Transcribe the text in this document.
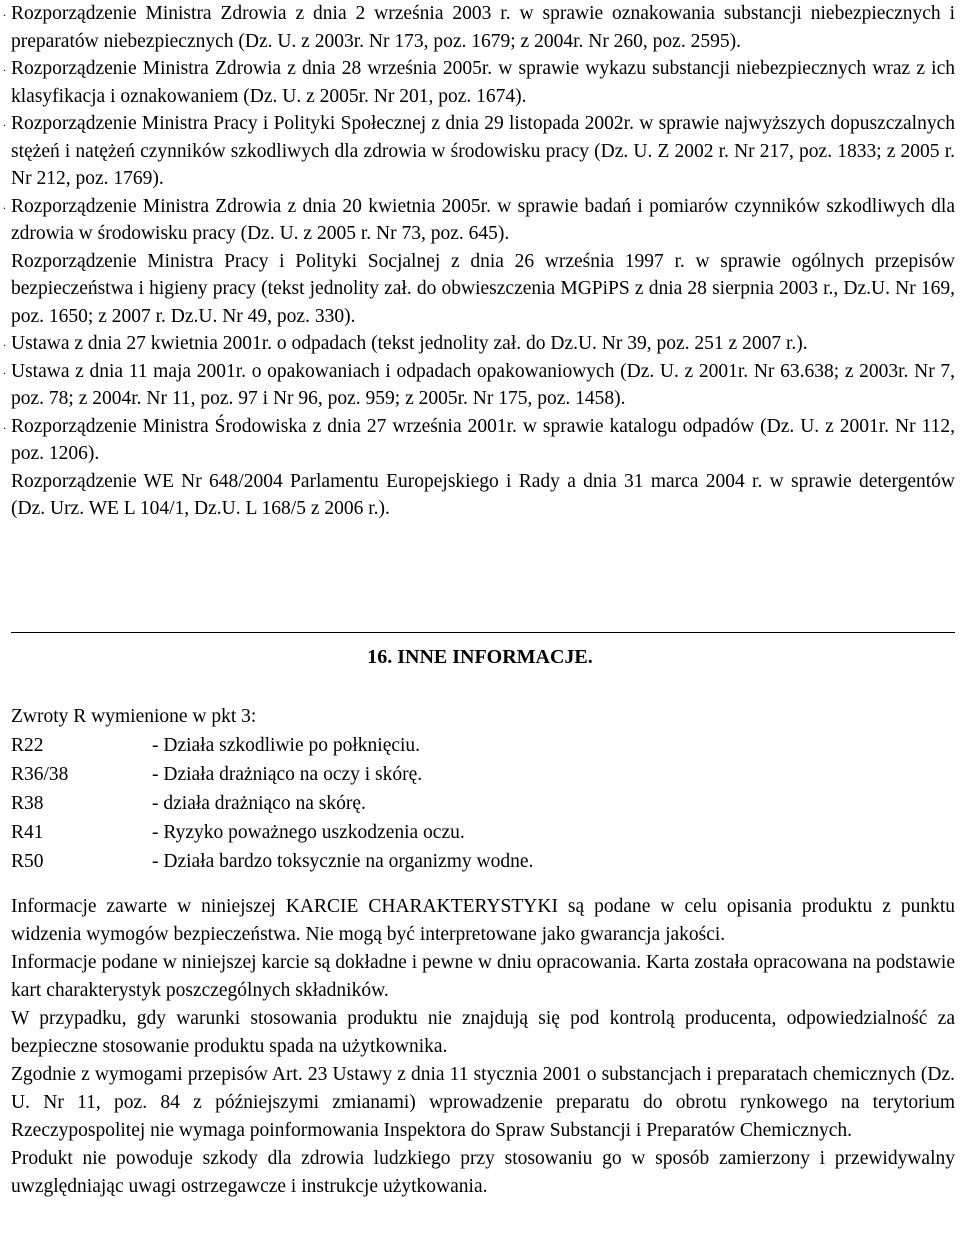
. Rozporządzenie Ministra Zdrowia z dnia 2 września 2003 r. w sprawie oznakowania substancji niebezpiecznych i preparatów niebezpiecznych (Dz. U. z 2003r. Nr 173, poz. 1679; z 2004r. Nr 260, poz. 2595).

. Rozporządzenie Ministra Zdrowia z dnia 28 września 2005r. w sprawie wykazu substancji niebezpiecznych wraz z ich klasyfikacja i oznakowaniem (Dz. U. z 2005r. Nr 201, poz. 1674).

. Rozporządzenie Ministra Pracy i Polityki Społecznej z dnia 29 listopada 2002r. w sprawie najwyższych dopuszczalnych stężeń i natężeń czynników szkodliwych dla zdrowia w środowisku pracy (Dz. U. Z 2002 r. Nr 217, poz. 1833; z 2005 r. Nr 212, poz. 1769).

. Rozporządzenie Ministra Zdrowia z dnia 20 kwietnia 2005r. w sprawie badań i pomiarów czynników szkodliwych dla zdrowia w środowisku pracy (Dz. U. z 2005 r. Nr 73, poz. 645).

Rozporządzenie Ministra Pracy i Polityki Socjalnej z dnia 26 września 1997 r. w sprawie ogólnych przepisów bezpieczeństwa i higieny pracy (tekst jednolity zał. do obwieszczenia MGPiPS z dnia 28 sierpnia 2003 r., Dz.U. Nr 169, poz. 1650; z 2007 r. Dz.U. Nr 49, poz. 330).

. Ustawa z dnia 27 kwietnia 2001r. o odpadach (tekst jednolity zał. do Dz.U. Nr 39, poz. 251 z 2007 r.).

. Ustawa z dnia 11 maja 2001r. o opakowaniach i odpadach opakowaniowych (Dz. U. z 2001r. Nr 63.638; z 2003r. Nr 7, poz. 78; z 2004r. Nr 11, poz. 97 i Nr 96, poz. 959; z 2005r. Nr 175, poz. 1458).

. Rozporządzenie Ministra Środowiska z dnia 27 września 2001r. w sprawie katalogu odpadów (Dz. U. z 2001r. Nr 112, poz. 1206).

Rozporządzenie WE Nr 648/2004 Parlamentu Europejskiego i Rady a dnia 31 marca 2004 r. w sprawie detergentów (Dz. Urz. WE L 104/1, Dz.U. L 168/5 z 2006 r.).

16. INNE INFORMACJE.

Zwroty R wymienione w pkt 3:

R22	- Działa szkodliwie po połknięciu.
R36/38	- Działa drażniąco na oczy i skórę.
R38	- działa drażniąco na skórę.
R41	- Ryzyko poważnego uszkodzenia oczu.
R50	- Działa bardzo toksycznie na organizmy wodne.

Informacje zawarte w niniejszej KARCIE CHARAKTERYSTYKI są podane w celu opisania produktu z punktu widzenia wymogów bezpieczeństwa. Nie mogą być interpretowane jako gwarancja jakości.

Informacje podane w niniejszej karcie są dokładne i pewne w dniu opracowania. Karta została opracowana na podstawie kart charakterystyk poszczególnych składników.

W przypadku, gdy warunki stosowania produktu nie znajdują się pod kontrolą producenta, odpowiedzialność za bezpieczne stosowanie produktu spada na użytkownika.

Zgodnie z wymogami przepisów Art. 23 Ustawy z dnia 11 stycznia 2001 o substancjach i preparatach chemicznych (Dz. U. Nr 11, poz. 84 z późniejszymi zmianami) wprowadzenie preparatu do obrotu rynkowego na terytorium Rzeczypospolitej nie wymaga poinformowania Inspektora do Spraw Substancji i Preparatów Chemicznych.

Produkt nie powoduje szkody dla zdrowia ludzkiego przy stosowaniu go w sposób zamierzony i przewidywalny uwzględniając uwagi ostrzegawcze i instrukcje użytkowania.
